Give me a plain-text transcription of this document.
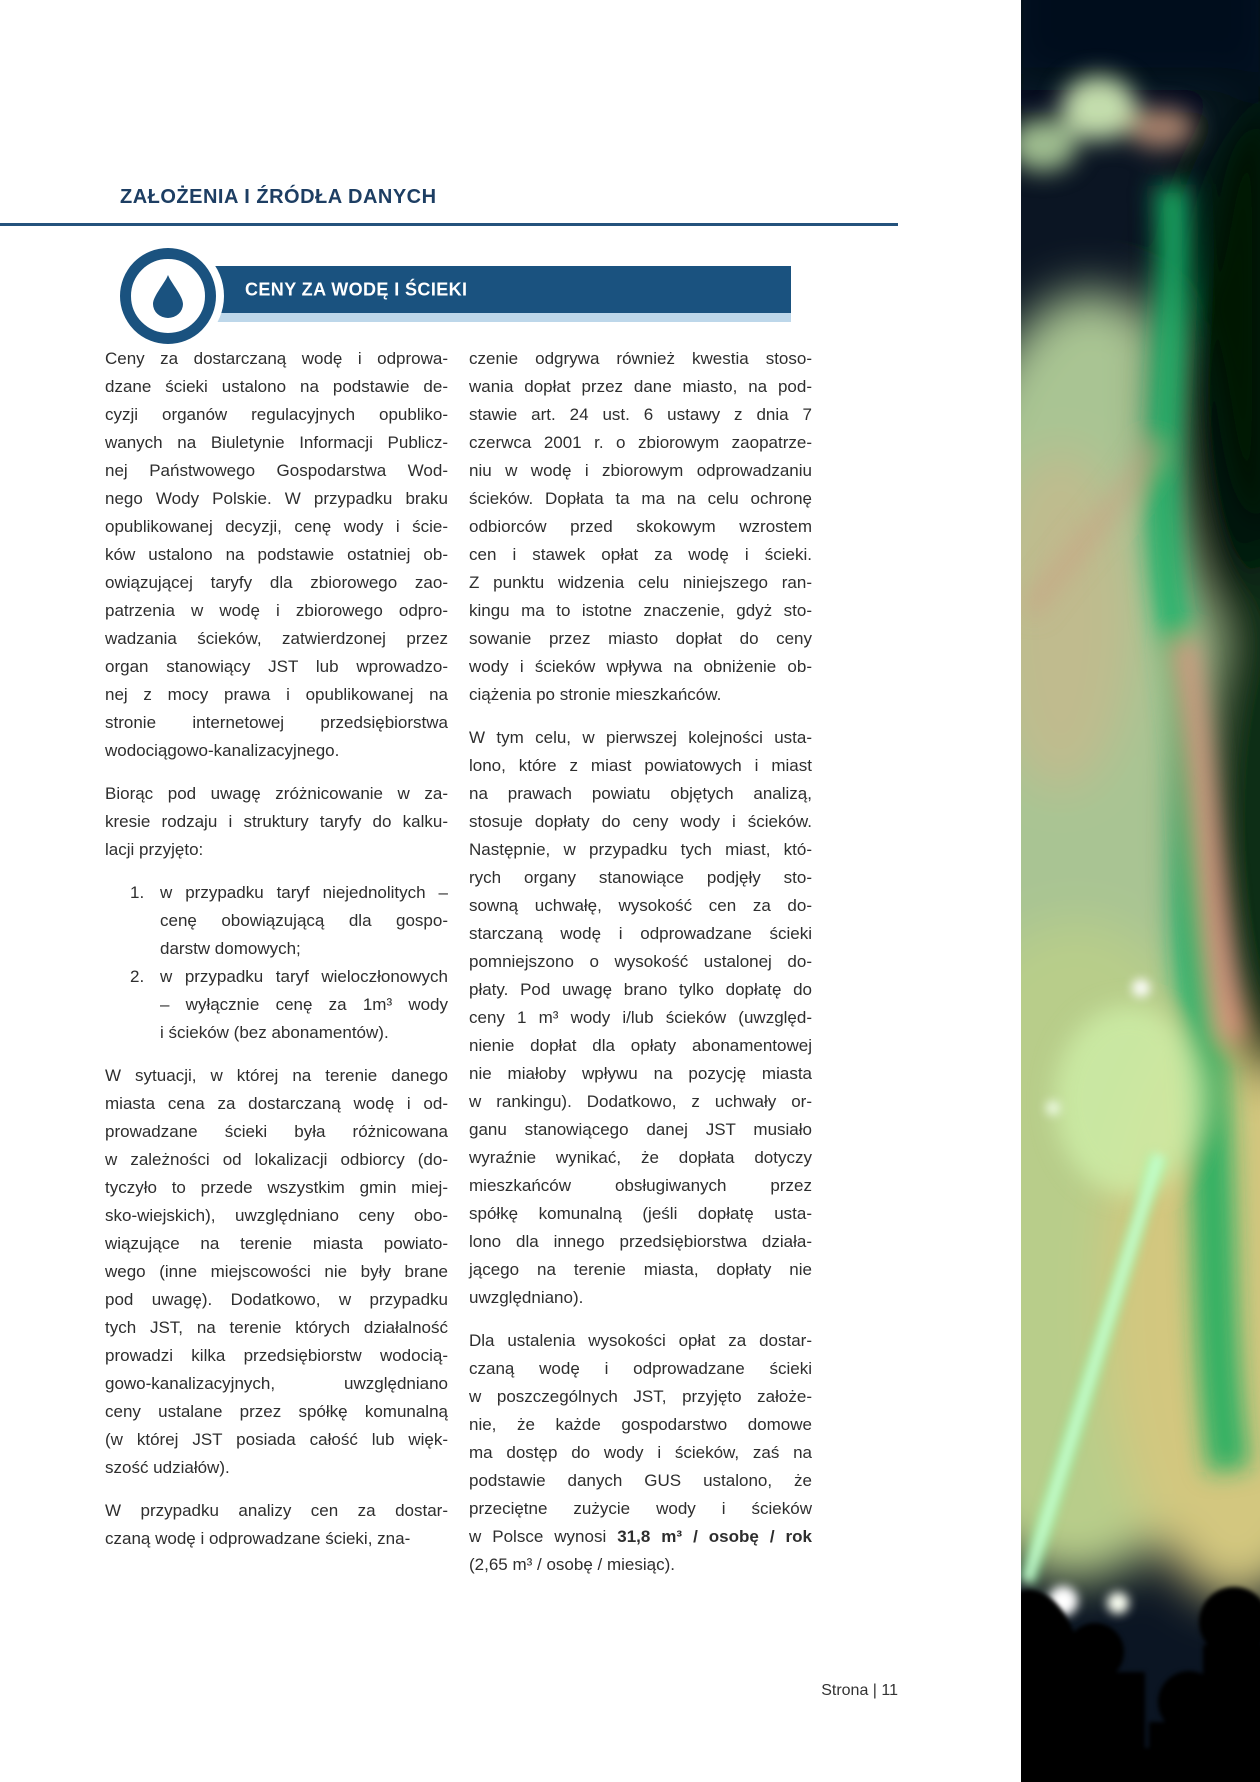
ZAŁOŻENIA I ŹRÓDŁA DANYCH
CENY ZA WODĘ I ŚCIEKI
Ceny za dostarczaną wodę i odprowa-
dzane ścieki ustalono na podstawie de-
cyzji organów regulacyjnych opubliko-
wanych na Biuletynie Informacji Publicz-
nej Państwowego Gospodarstwa Wod-
nego Wody Polskie. W przypadku braku
opublikowanej decyzji, cenę wody i ście-
ków ustalono na podstawie ostatniej ob-
owiązującej taryfy dla zbiorowego zao-
patrzenia w wodę i zbiorowego odpro-
wadzania ścieków, zatwierdzonej przez
organ stanowiący JST lub wprowadzo-
nej z mocy prawa i opublikowanej na
stronie internetowej przedsiębiorstwa
wodociągowo-kanalizacyjnego.
Biorąc pod uwagę zróżnicowanie w za-
kresie rodzaju i struktury taryfy do kalku-
lacji przyjęto:
1. w przypadku taryf niejednolitych –
cenę obowiązującą dla gospo-
darstw domowych;
2. w przypadku taryf wieloczłonowych
– wyłącznie cenę za 1m³ wody
i ścieków (bez abonamentów).
W sytuacji, w której na terenie danego
miasta cena za dostarczaną wodę i od-
prowadzane ścieki była różnicowana
w zależności od lokalizacji odbiorcy (do-
tyczyło to przede wszystkim gmin miej-
sko-wiejskich), uwzględniano ceny obo-
wiązujące na terenie miasta powiato-
wego (inne miejscowości nie były brane
pod uwagę). Dodatkowo, w przypadku
tych JST, na terenie których działalność
prowadzi kilka przedsiębiorstw wodocią-
gowo-kanalizacyjnych, uwzględniano
ceny ustalane przez spółkę komunalną
(w której JST posiada całość lub więk-
szość udziałów).
W przypadku analizy cen za dostar-
czaną wodę i odprowadzane ścieki, zna-
czenie odgrywa również kwestia stoso-
wania dopłat przez dane miasto, na pod-
stawie art. 24 ust. 6 ustawy z dnia 7
czerwca 2001 r. o zbiorowym zaopatrze-
niu w wodę i zbiorowym odprowadzaniu
ścieków. Dopłata ta ma na celu ochronę
odbiorców przed skokowym wzrostem
cen i stawek opłat za wodę i ścieki.
Z punktu widzenia celu niniejszego ran-
kingu ma to istotne znaczenie, gdyż sto-
sowanie przez miasto dopłat do ceny
wody i ścieków wpływa na obniżenie ob-
ciążenia po stronie mieszkańców.
W tym celu, w pierwszej kolejności usta-
lono, które z miast powiatowych i miast
na prawach powiatu objętych analizą,
stosuje dopłaty do ceny wody i ścieków.
Następnie, w przypadku tych miast, któ-
rych organy stanowiące podjęły sto-
sowną uchwałę, wysokość cen za do-
starczaną wodę i odprowadzane ścieki
pomniejszono o wysokość ustalonej do-
płaty. Pod uwagę brano tylko dopłatę do
ceny 1 m³ wody i/lub ścieków (uwzględ-
nienie dopłat dla opłaty abonamentowej
nie miałoby wpływu na pozycję miasta
w rankingu). Dodatkowo, z uchwały or-
ganu stanowiącego danej JST musiało
wyraźnie wynikać, że dopłata dotyczy
mieszkańców obsługiwanych przez
spółkę komunalną (jeśli dopłatę usta-
lono dla innego przedsiębiorstwa działa-
jącego na terenie miasta, dopłaty nie
uwzględniano).
Dla ustalenia wysokości opłat za dostar-
czaną wodę i odprowadzane ścieki
w poszczególnych JST, przyjęto założe-
nie, że każde gospodarstwo domowe
ma dostęp do wody i ścieków, zaś na
podstawie danych GUS ustalono, że
przeciętne zużycie wody i ścieków
w Polsce wynosi 31,8 m³ / osobę / rok
(2,65 m³ / osobę / miesiąc).
Strona | 11
